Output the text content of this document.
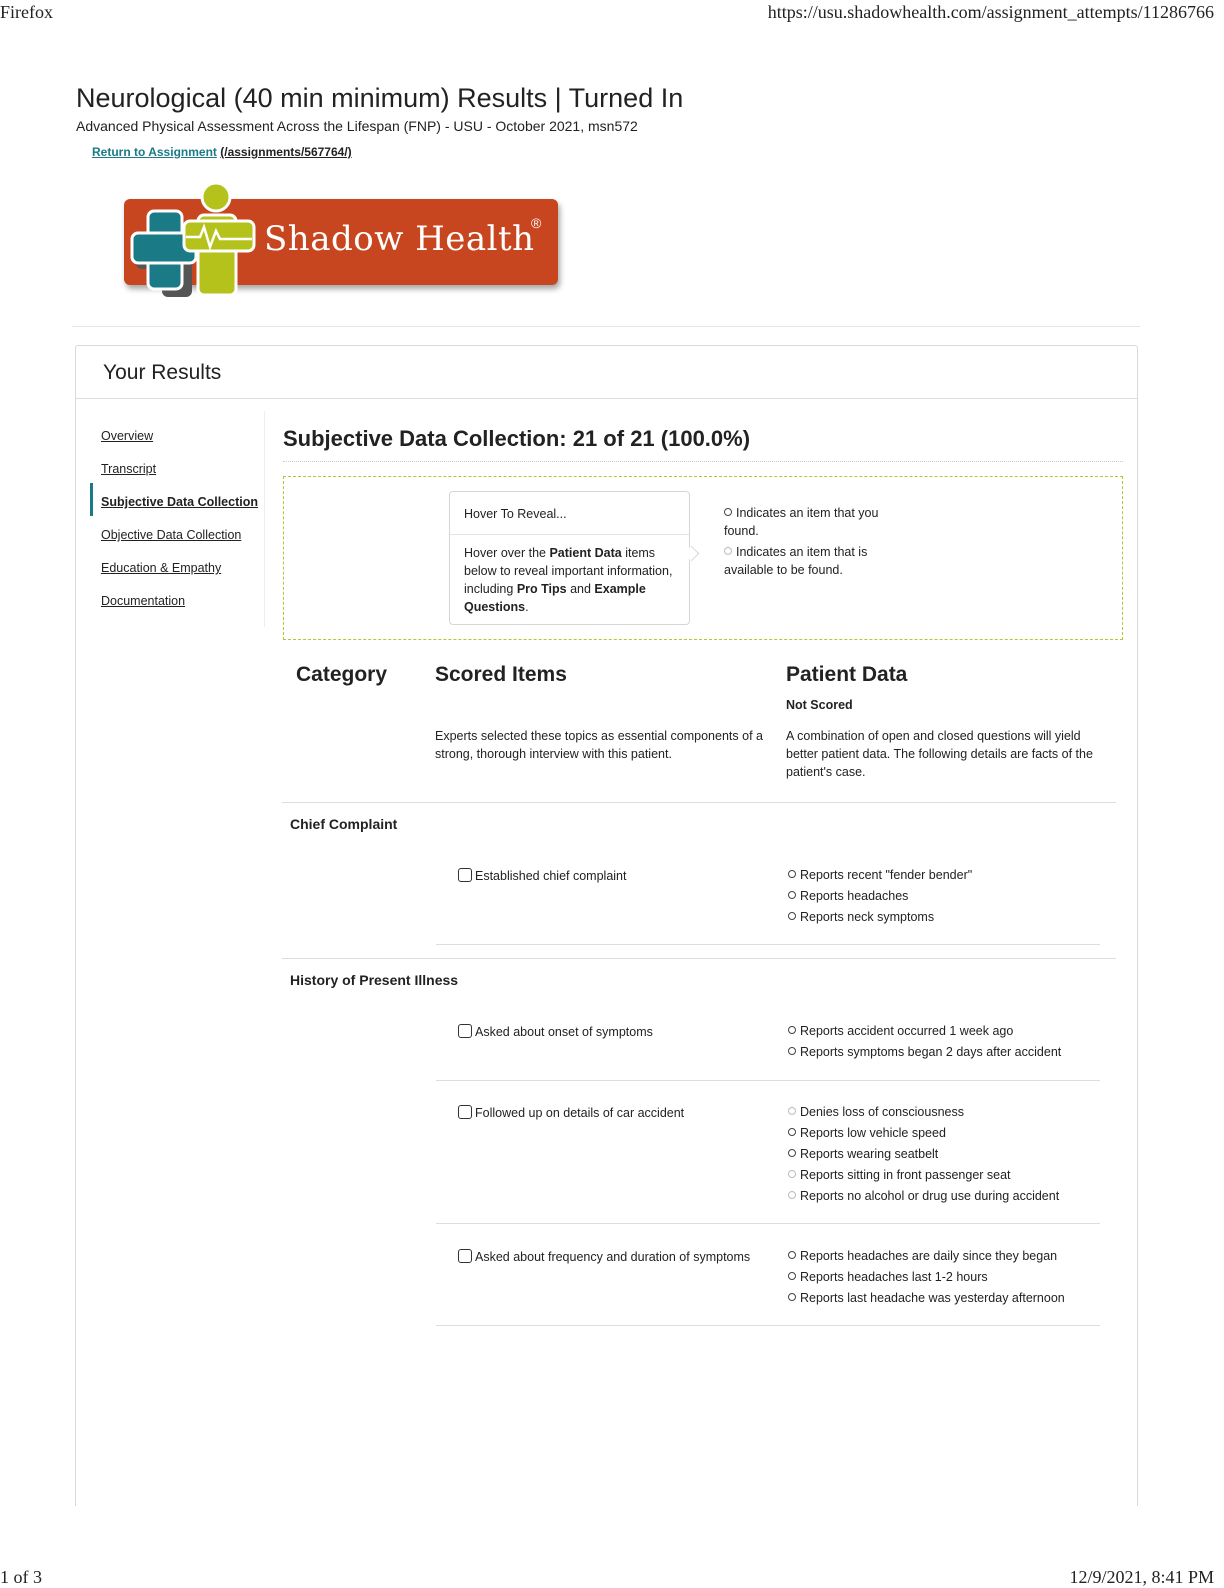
Firefox	https://usu.shadowhealth.com/assignment_attempts/11286766
1 of 3	12/9/2021, 8:41 PM
Neurological (40 min minimum) Results | Turned In
Advanced Physical Assessment Across the Lifespan (FNP) - USU - October 2021, msn572
Return to Assignment (/assignments/567764/)
Shadow Health
®
Your Results
Overview
Transcript
Subjective Data Collection
Objective Data Collection
Education & Empathy
Documentation
Subjective Data Collection: 21 of 21 (100.0%)
Hover To Reveal...
Hover over the Patient Data items below to reveal important information, including Pro Tips and Example Questions.
Indicates an item that you found.
Indicates an item that is available to be found.
Category Scored Items	Patient Data
Not Scored
Experts selected these topics as essential components of a strong, thorough interview with this patient.
A combination of open and closed questions will yield better patient data. The following details are facts of the patient's case.
Chief Complaint
Established chief complaint	Reports recent "fender bender"
Reports headaches
Reports neck symptoms
History of Present Illness
Asked about onset of symptoms	Reports accident occurred 1 week ago
Reports symptoms began 2 days after accident
Followed up on details of car accident	Denies loss of consciousness
Reports low vehicle speed
Reports wearing seatbelt
Reports sitting in front passenger seat
Reports no alcohol or drug use during accident
Asked about frequency and duration of symptoms	Reports headaches are daily since they began
Reports headaches last 1-2 hours
Reports last headache was yesterday afternoon
